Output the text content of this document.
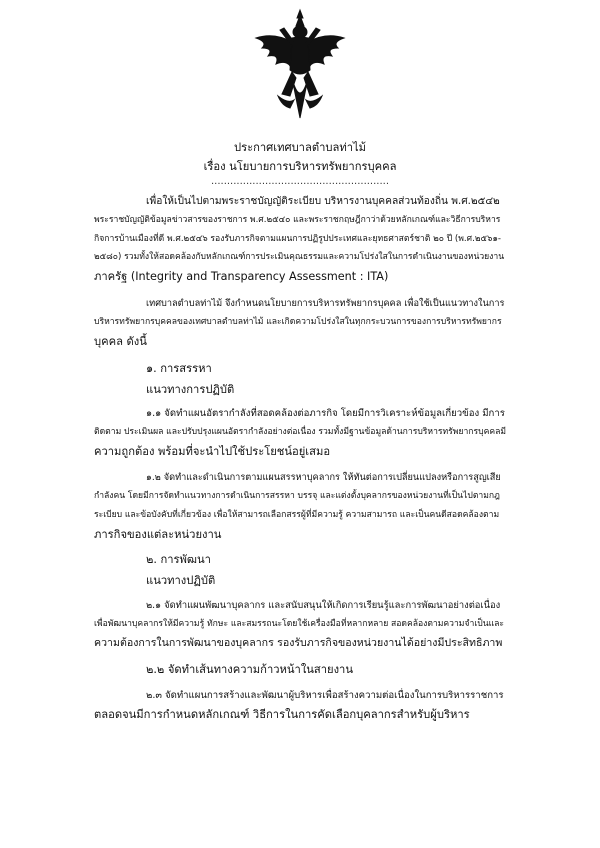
ประกาศเทศบาลตำบลท่าไม้
เรื่อง นโยบายการบริหารทรัพยากรบุคคล
........................................................
เพื่อให้เป็นไปตามพระราชบัญญัติระเบียบ บริหารงานบุคคลส่วนท้องถิ่น พ.ศ.๒๕๔๒
พระราชบัญญัติข้อมูลข่าวสารของราชการ พ.ศ.๒๕๔๐ และพระราชกฤษฎีกาว่าด้วยหลักเกณฑ์และวิธีการบริหาร
กิจการบ้านเมืองที่ดี พ.ศ.๒๕๔๖ รองรับภารกิจตามแผนการปฏิรูปประเทศและยุทธศาสตร์ชาติ ๒๐ ปี (พ.ศ.๒๕๖๑-
๒๕๘๐) รวมทั้งให้สอดคล้องกับหลักเกณฑ์การประเมินคุณธรรมและความโปร่งใสในการดำเนินงานของหน่วยงาน
ภาครัฐ (Integrity and Transparency Assessment : ITA)
เทศบาลตำบลท่าไม้ จึงกำหนดนโยบายการบริหารทรัพยากรบุคคล เพื่อใช้เป็นแนวทางในการ
บริหารทรัพยากรบุคคลของเทศบาลตำบลท่าไม้ และเกิดความโปร่งใสในทุกกระบวนการของการบริหารทรัพยากร
บุคคล ดังนี้
๑. การสรรหา
แนวทางการปฏิบัติ
๑.๑ จัดทำแผนอัตรากำลังที่สอดคล้องต่อภารกิจ โดยมีการวิเคราะห์ข้อมูลเกี่ยวข้อง มีการ
ติดตาม ประเมินผล และปรับปรุงแผนอัตรากำลังอย่างต่อเนื่อง รวมทั้งมีฐานข้อมูลด้านการบริหารทรัพยากรบุคคลมี
ความถูกต้อง พร้อมที่จะนำไปใช้ประโยชน์อยู่เสมอ
๑.๒ จัดทำและดำเนินการตามแผนสรรหาบุคลากร ให้ทันต่อการเปลี่ยนแปลงหรือการสูญเสีย
กำลังคน โดยมีการจัดทำแนวทางการดำเนินการสรรหา บรรจุ และแต่งตั้งบุคลากรของหน่วยงานที่เป็นไปตามกฎ
ระเบียบ และข้อบังคับที่เกี่ยวข้อง เพื่อให้สามารถเลือกสรรผู้ที่มีความรู้ ความสามารถ และเป็นคนดีสอดคล้องตาม
ภารกิจของแต่ละหน่วยงาน
๒. การพัฒนา
แนวทางปฏิบัติ
๒.๑ จัดทำแผนพัฒนาบุคลากร และสนับสนุนให้เกิดการเรียนรู้และการพัฒนาอย่างต่อเนื่อง
เพื่อพัฒนาบุคลากรให้มีความรู้ ทักษะ และสมรรถนะโดยใช้เครื่องมือที่หลากหลาย สอดคล้องตามความจำเป็นและ
ความต้องการในการพัฒนาของบุคลากร รองรับภารกิจของหน่วยงานได้อย่างมีประสิทธิภาพ
๒.๒ จัดทำเส้นทางความก้าวหน้าในสายงาน
๒.๓ จัดทำแผนการสร้างและพัฒนาผู้บริหารเพื่อสร้างความต่อเนื่องในการบริหารราชการ
ตลอดจนมีการกำหนดหลักเกณฑ์ วิธีการในการคัดเลือกบุคลากรสำหรับผู้บริหาร
